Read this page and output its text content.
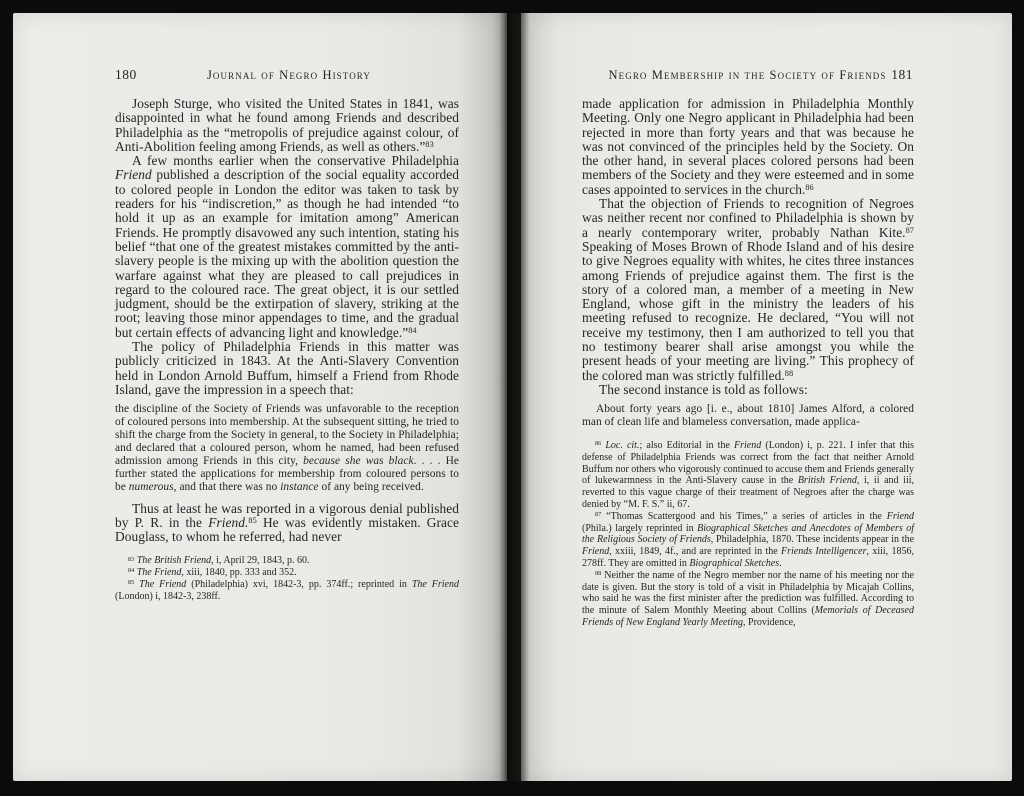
180	Journal of Negro History

Joseph Sturge, who visited the United States in 1841, was disappointed in what he found among Friends and described Philadelphia as the “metropolis of prejudice against colour, of Anti-Abolition feeling among Friends, as well as others.”$^{83}$

A few months earlier when the conservative Philadelphia Friend published a description of the social equality accorded to colored people in London the editor was taken to task by readers for his “indiscretion,” as though he had intended “to hold it up as an example for imitation among” American Friends. He promptly disavowed any such intention, stating his belief “that one of the greatest mistakes committed by the anti-slavery people is the mixing up with the abolition question the warfare against what they are pleased to call prejudices in regard to the coloured race. The great object, it is our settled judgment, should be the extirpation of slavery, striking at the root; leaving those minor appendages to time, and the gradual but certain effects of advancing light and knowledge.”$^{84}$

The policy of Philadelphia Friends in this matter was publicly criticized in 1843. At the Anti-Slavery Convention held in London Arnold Buffum, himself a Friend from Rhode Island, gave the impression in a speech that:

the discipline of the Society of Friends was unfavorable to the reception of coloured persons into membership. At the subsequent sitting, he tried to shift the charge from the Society in general, to the Society in Philadelphia; and declared that a coloured person, whom he named, had been refused admission among Friends in this city, because she was black. . . . He further stated the applications for membership from coloured persons to be numerous, and that there was no instance of any being received.

Thus at least he was reported in a vigorous denial published by P. R. in the Friend.$^{85}$ He was evidently mistaken. Grace Douglass, to whom he referred, had never

$^{83}$ The British Friend, i, April 29, 1843, p. 60.

$^{84}$ The Friend, xiii, 1840, pp. 333 and 352.

$^{85}$ The Friend (Philadelphia) xvi, 1842-3, pp. 374ff.; reprinted in The Friend (London) i, 1842-3, 238ff.

Negro Membership in the Society of Friends 181

made application for admission in Philadelphia Monthly Meeting. Only one Negro applicant in Philadelphia had been rejected in more than forty years and that was because he was not convinced of the principles held by the Society. On the other hand, in several places colored persons had been members of the Society and they were esteemed and in some cases appointed to services in the church.$^{86}$

That the objection of Friends to recognition of Negroes was neither recent nor confined to Philadelphia is shown by a nearly contemporary writer, probably Nathan Kite.$^{87}$ Speaking of Moses Brown of Rhode Island and of his desire to give Negroes equality with whites, he cites three instances among Friends of prejudice against them. The first is the story of a colored man, a member of a meeting in New England, whose gift in the ministry the leaders of his meeting refused to recognize. He declared, “You will not receive my testimony, then I am authorized to tell you that no testimony bearer shall arise amongst you while the present heads of your meeting are living.” This prophecy of the colored man was strictly fulfilled.$^{88}$

The second instance is told as follows:

About forty years ago [i. e., about 1810] James Alford, a colored man of clean life and blameless conversation, made applica-

$^{86}$ Loc. cit.; also Editorial in the Friend (London) i, p. 221. I infer that this defense of Philadelphia Friends was correct from the fact that neither Arnold Buffum nor others who vigorously continued to accuse them and Friends generally of lukewarmness in the Anti-Slavery cause in the British Friend, i, ii and iii, reverted to this vague charge of their treatment of Negroes after the charge was denied by “M. F. S.” ii, 67.

$^{87}$ “Thomas Scattergood and his Times,” a series of articles in the Friend (Phila.) largely reprinted in Biographical Sketches and Anecdotes of Members of the Religious Society of Friends, Philadelphia, 1870. These incidents appear in the Friend, xxiii, 1849, 4f., and are reprinted in the Friends Intelligencer, xiii, 1856, 278ff. They are omitted in Biographical Sketches.

$^{88}$ Neither the name of the Negro member nor the name of his meeting nor the date is given. But the story is told of a visit in Philadelphia by Micajah Collins, who said he was the first minister after the prediction was fulfilled. According to the minute of Salem Monthly Meeting about Collins (Memorials of Deceased Friends of New England Yearly Meeting, Providence,
